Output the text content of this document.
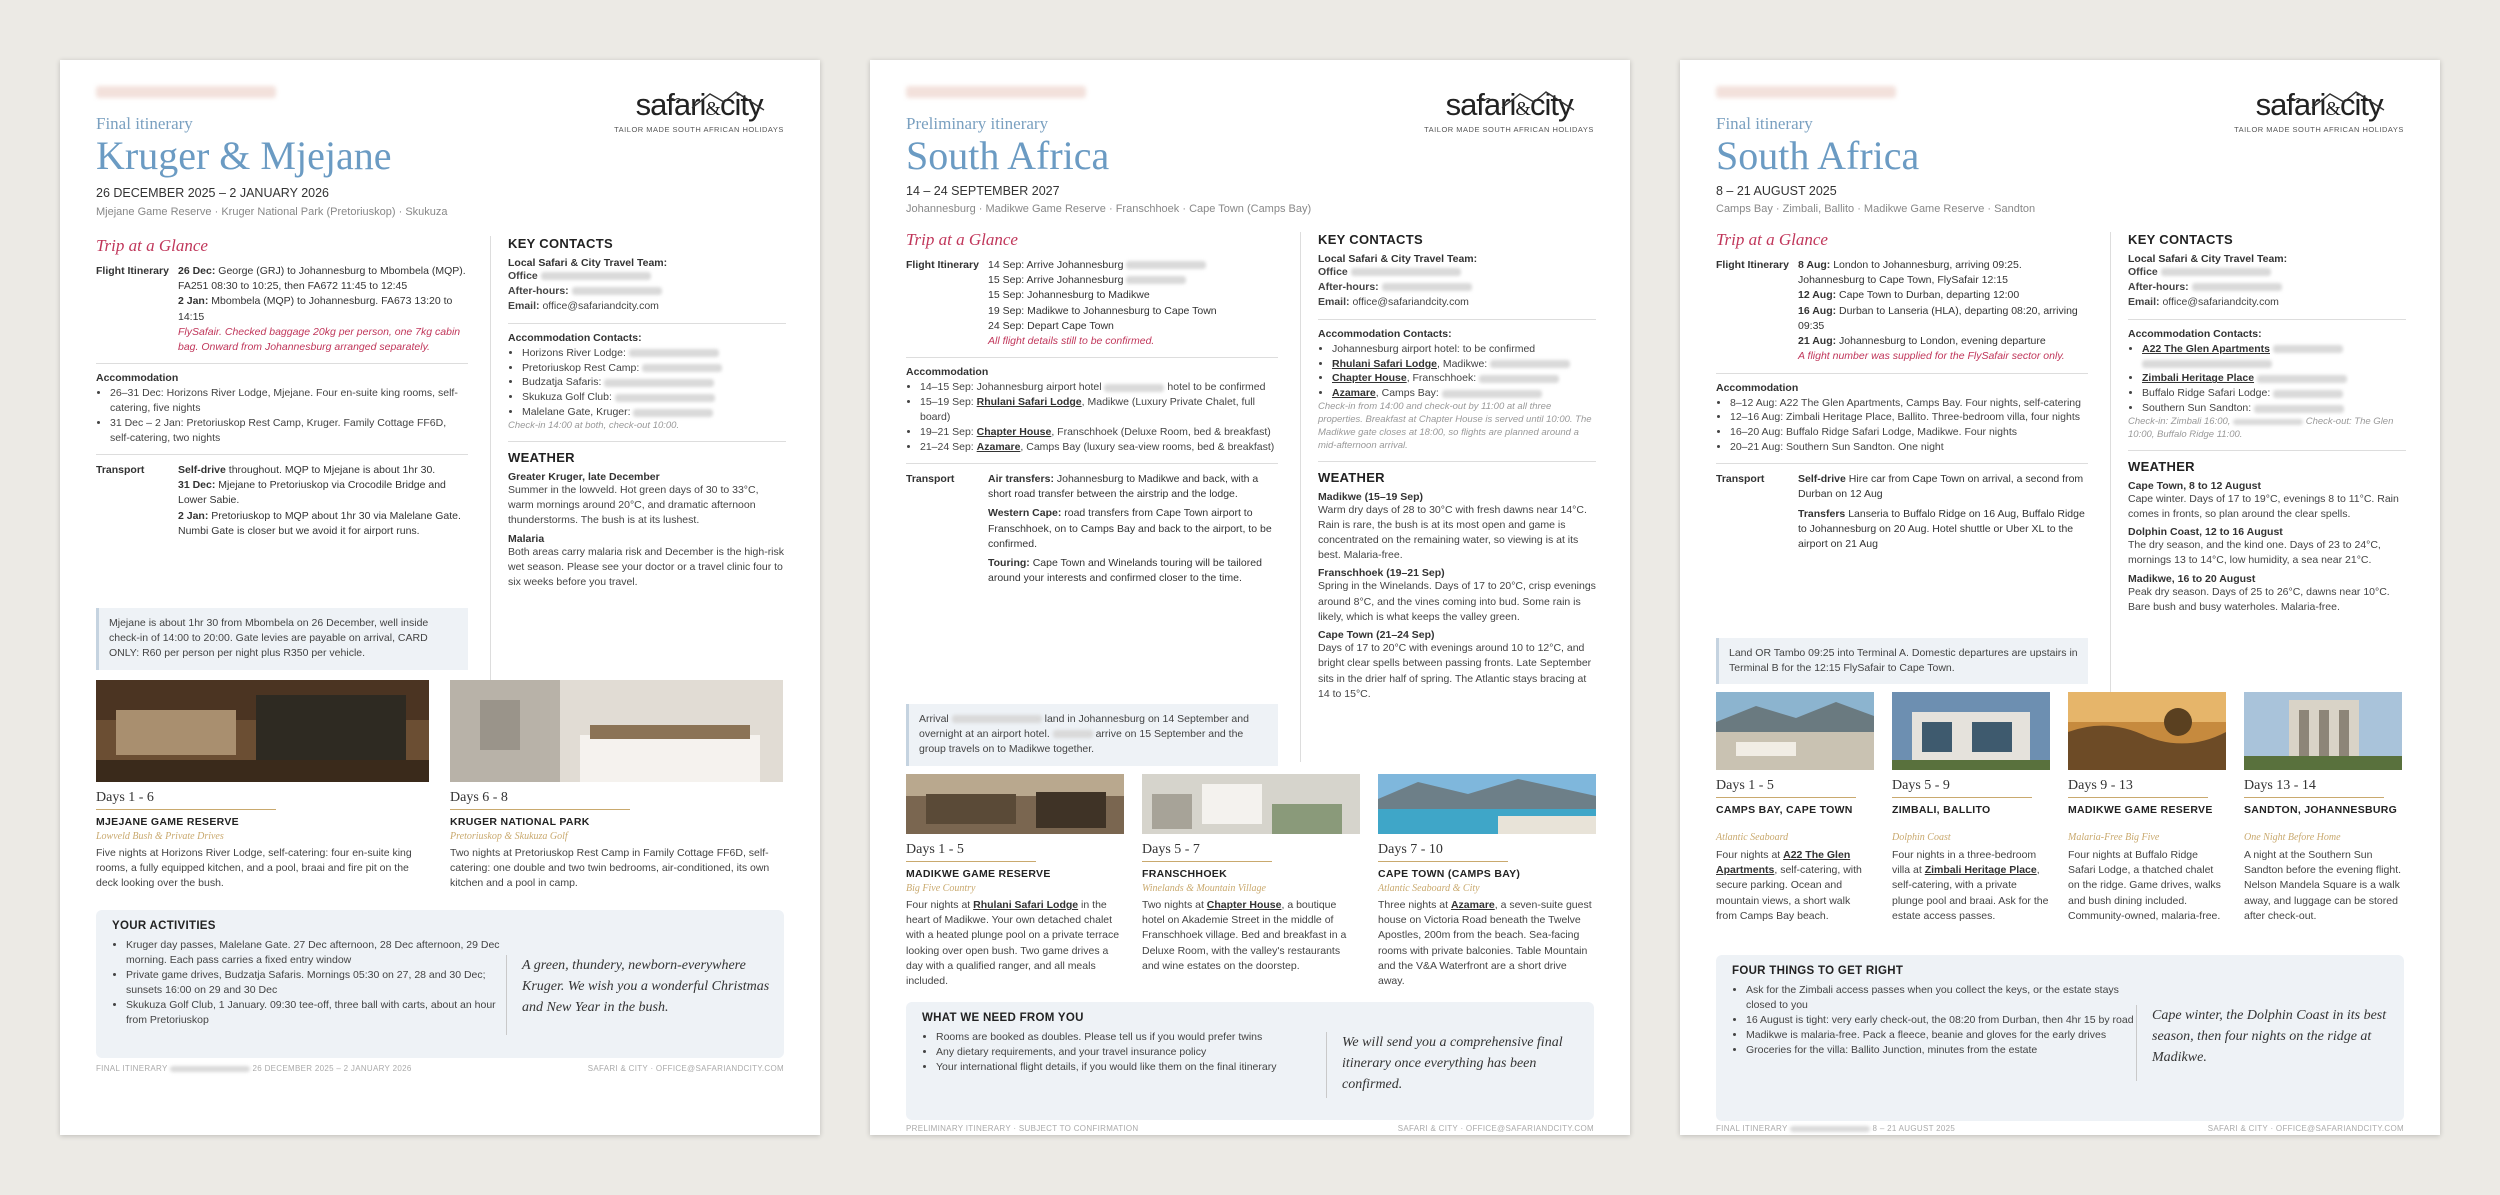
safari&city
TAILOR MADE SOUTH AFRICAN HOLIDAYS
Final itinerary
Kruger & Mjejane
26 DECEMBER 2025 – 2 JANUARY 2026
Mjejane Game Reserve · Kruger National Park (Pretoriuskop) · Skukuza
Trip at a Glance
Flight Itinerary 26 Dec: George (GRJ) to Johannesburg to Mbombela (MQP). FA251 08:30 to 10:25, then FA672 11:45 to 12:45
2 Jan: Mbombela (MQP) to Johannesburg. FA673 13:20 to 14:15
FlySafair. Checked baggage 20kg per person, one 7kg cabin bag. Onward from Johannesburg arranged separately.
Accommodation
• 26–31 Dec: Horizons River Lodge, Mjejane. Four en-suite king rooms, self-catering, five nights
• 31 Dec – 2 Jan: Pretoriuskop Rest Camp, Kruger. Family Cottage FF6D, self-catering, two nights
Transport	Self-drive throughout. MQP to Mjejane is about 1hr 30.
31 Dec: Mjejane to Pretoriuskop via Crocodile Bridge and Lower Sabie.
2 Jan: Pretoriuskop to MQP about 1hr 30 via Malelane Gate. Numbi Gate is closer but we avoid it for airport runs.
Mjejane is about 1hr 30 from Mbombela on 26 December, well inside check-in of 14:00 to 20:00. Gate levies are payable on arrival, CARD ONLY: R60 per person per night plus R350 per vehicle.
KEY CONTACTS
Local Safari & City Travel Team:
Office
After-hours:
Email: office@safariandcity.com
Accommodation Contacts:
• Horizons River Lodge:
• Pretoriuskop Rest Camp:
• Budzatja Safaris:
• Skukuza Golf Club:
• Malelane Gate, Kruger:
Check-in 14:00 at both, check-out 10:00.
WEATHER
Greater Kruger, late December
Summer in the lowveld. Hot green days of 30 to 33°C, warm mornings around 20°C, and dramatic afternoon thunderstorms. The bush is at its lushest.
Malaria
Both areas carry malaria risk and December is the high-risk wet season. Please see your doctor or a travel clinic four to six weeks before you travel.
Days 1 - 6
MJEJANE GAME RESERVE
Lowveld Bush & Private Drives
Five nights at Horizons River Lodge, self-catering: four en-suite king rooms, a fully equipped kitchen, and a pool, braai and fire pit on the deck looking over the bush.
Days 6 - 8
KRUGER NATIONAL PARK
Pretoriuskop & Skukuza Golf
Two nights at Pretoriuskop Rest Camp in Family Cottage FF6D, self-catering: one double and two twin bedrooms, air-conditioned, its own kitchen and a pool in camp.
YOUR ACTIVITIES
• Kruger day passes, Malelane Gate. 27 Dec afternoon, 28 Dec afternoon, 29 Dec morning. Each pass carries a fixed entry window
• Private game drives, Budzatja Safaris. Mornings 05:30 on 27, 28 and 30 Dec; sunsets 16:00 on 29 and 30 Dec
• Skukuza Golf Club, 1 January. 09:30 tee-off, three ball with carts, about an hour from Pretoriuskop
A green, thundery, newborn-everywhere Kruger. We wish you a wonderful Christmas and New Year in the bush.
FINAL ITINERARY	26 DECEMBER 2025 – 2 JANUARY 2026	SAFARI & CITY · OFFICE@SAFARIANDCITY.COM
safari&city
TAILOR MADE SOUTH AFRICAN HOLIDAYS
Preliminary itinerary
South Africa
14 – 24 SEPTEMBER 2027
Johannesburg · Madikwe Game Reserve · Franschhoek · Cape Town (Camps Bay)
Trip at a Glance
Flight Itinerary 14 Sep: Arrive Johannesburg
15 Sep: Arrive Johannesburg
15 Sep: Johannesburg to Madikwe
19 Sep: Madikwe to Johannesburg to Cape Town
24 Sep: Depart Cape Town
All flight details still to be confirmed.
Accommodation
• 14–15 Sep: Johannesburg airport hotel	hotel to be confirmed
• 15–19 Sep: Rhulani Safari Lodge, Madikwe (Luxury Private Chalet, full board)
• 19–21 Sep: Chapter House, Franschhoek (Deluxe Room, bed & breakfast)
• 21–24 Sep: Azamare, Camps Bay (luxury sea-view rooms, bed & breakfast)
Transport	Air transfers: Johannesburg to Madikwe and back, with a short road transfer between the airstrip and the lodge.
Western Cape: road transfers from Cape Town airport to Franschhoek, on to Camps Bay and back to the airport, to be confirmed.
Touring: Cape Town and Winelands touring will be tailored around your interests and confirmed closer to the time.
Arrival	land in Johannesburg on 14 September and overnight at an airport hotel.	arrive on 15 September and the group travels on to Madikwe together.
KEY CONTACTS
Local Safari & City Travel Team:
Office
After-hours:
Email: office@safariandcity.com
Accommodation Contacts:
• Johannesburg airport hotel: to be confirmed
• Rhulani Safari Lodge, Madikwe:
• Chapter House, Franschhoek:
• Azamare, Camps Bay:
Check-in from 14:00 and check-out by 11:00 at all three properties. Breakfast at Chapter House is served until 10:00. The Madikwe gate closes at 18:00, so flights are planned around a mid-afternoon arrival.
WEATHER
Madikwe (15–19 Sep)
Warm dry days of 28 to 30°C with fresh dawns near 14°C. Rain is rare, the bush is at its most open and game is concentrated on the remaining water, so viewing is at its best. Malaria-free.
Franschhoek (19–21 Sep)
Spring in the Winelands. Days of 17 to 20°C, crisp evenings around 8°C, and the vines coming into bud. Some rain is likely, which is what keeps the valley green.
Cape Town (21–24 Sep)
Days of 17 to 20°C with evenings around 10 to 12°C, and bright clear spells between passing fronts. Late September sits in the drier half of spring. The Atlantic stays bracing at 14 to 15°C.
Days 1 - 5
MADIKWE GAME RESERVE
Big Five Country
Four nights at Rhulani Safari Lodge in the heart of Madikwe. Your own detached chalet with a heated plunge pool on a private terrace looking over open bush. Two game drives a day with a qualified ranger, and all meals included.
Days 5 - 7
FRANSCHHOEK
Winelands & Mountain Village
Two nights at Chapter House, a boutique hotel on Akademie Street in the middle of Franschhoek village. Bed and breakfast in a Deluxe Room, with the valley's restaurants and wine estates on the doorstep.
Days 7 - 10
CAPE TOWN (CAMPS BAY)
Atlantic Seaboard & City
Three nights at Azamare, a seven-suite guest house on Victoria Road beneath the Twelve Apostles, 200m from the beach. Sea-facing rooms with private balconies. Table Mountain and the V&A Waterfront are a short drive away.
WHAT WE NEED FROM YOU
• Rooms are booked as doubles. Please tell us if you would prefer twins
• Any dietary requirements, and your travel insurance policy
• Your international flight details, if you would like them on the final itinerary
We will send you a comprehensive final itinerary once everything has been confirmed.
PRELIMINARY ITINERARY · SUBJECT TO CONFIRMATION	SAFARI & CITY · OFFICE@SAFARIANDCITY.COM
safari&city
TAILOR MADE SOUTH AFRICAN HOLIDAYS
Final itinerary
South Africa
8 – 21 AUGUST 2025
Camps Bay · Zimbali, Ballito · Madikwe Game Reserve · Sandton
Trip at a Glance
Flight Itinerary 8 Aug: London to Johannesburg, arriving 09:25. Johannesburg to Cape Town, FlySafair 12:15
12 Aug: Cape Town to Durban, departing 12:00
16 Aug: Durban to Lanseria (HLA), departing 08:20, arriving 09:35
21 Aug: Johannesburg to London, evening departure
A flight number was supplied for the FlySafair sector only.
Accommodation
• 8–12 Aug: A22 The Glen Apartments, Camps Bay. Four nights, self-catering
• 12–16 Aug: Zimbali Heritage Place, Ballito. Three-bedroom villa, four nights
• 16–20 Aug: Buffalo Ridge Safari Lodge, Madikwe. Four nights
• 20–21 Aug: Southern Sun Sandton. One night
Transport	Self-drive Hire car from Cape Town on arrival, a second from Durban on 12 Aug
Transfers Lanseria to Buffalo Ridge on 16 Aug, Buffalo Ridge to Johannesburg on 20 Aug. Hotel shuttle or Uber XL to the airport on 21 Aug
Land OR Tambo 09:25 into Terminal A. Domestic departures are upstairs in Terminal B for the 12:15 FlySafair to Cape Town.
KEY CONTACTS
Local Safari & City Travel Team:
Office
After-hours:
Email: office@safariandcity.com
Accommodation Contacts:
• A22 The Glen Apartments

• Zimbali Heritage Place
• Buffalo Ridge Safari Lodge:
• Southern Sun Sandton:
Check-in: Zimbali 16:00,	Check-out: The Glen 10:00, Buffalo Ridge 11:00.
WEATHER
Cape Town, 8 to 12 August
Cape winter. Days of 17 to 19°C, evenings 8 to 11°C. Rain comes in fronts, so plan around the clear spells.
Dolphin Coast, 12 to 16 August
The dry season, and the kind one. Days of 23 to 24°C, mornings 13 to 14°C, low humidity, a sea near 21°C.
Madikwe, 16 to 20 August
Peak dry season. Days of 25 to 26°C, dawns near 10°C. Bare bush and busy waterholes. Malaria-free.
Days 1 - 5
CAMPS BAY, CAPE TOWN
Atlantic Seaboard
Four nights at A22 The Glen Apartments, self-catering, with secure parking. Ocean and mountain views, a short walk from Camps Bay beach.
Days 5 - 9
ZIMBALI, BALLITO
Dolphin Coast
Four nights in a three-bedroom villa at Zimbali Heritage Place, self-catering, with a private plunge pool and braai. Ask for the estate access passes.
Days 9 - 13
MADIKWE GAME RESERVE
Malaria-Free Big Five
Four nights at Buffalo Ridge Safari Lodge, a thatched chalet on the ridge. Game drives, walks and bush dining included. Community-owned, malaria-free.
Days 13 - 14
SANDTON, JOHANNESBURG
One Night Before Home
A night at the Southern Sun Sandton before the evening flight. Nelson Mandela Square is a walk away, and luggage can be stored after check-out.
FOUR THINGS TO GET RIGHT
• Ask for the Zimbali access passes when you collect the keys, or the estate stays closed to you
• 16 August is tight: very early check-out, the 08:20 from Durban, then 4hr 15 by road
• Madikwe is malaria-free. Pack a fleece, beanie and gloves for the early drives
• Groceries for the villa: Ballito Junction, minutes from the estate
Cape winter, the Dolphin Coast in its best season, then four nights on the ridge at Madikwe.
FINAL ITINERARY	8 – 21 AUGUST 2025	SAFARI & CITY · OFFICE@SAFARIANDCITY.COM
